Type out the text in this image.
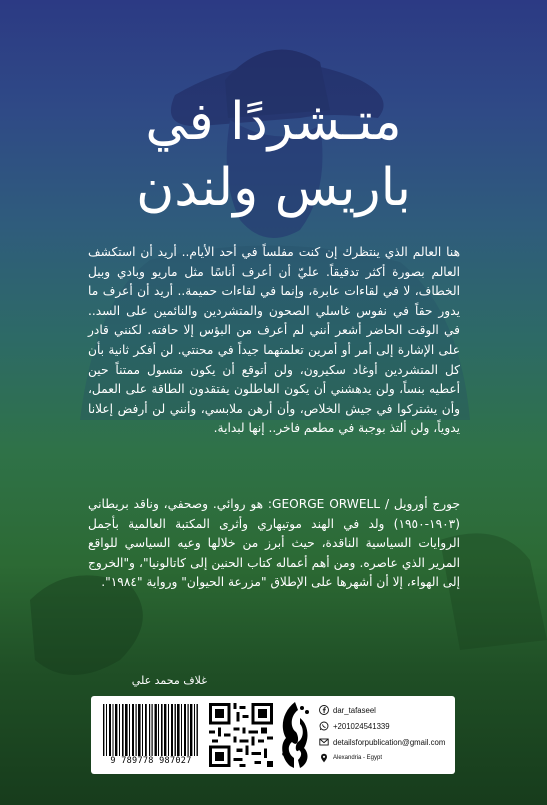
متـشردًا في
باريس ولندن
هنا العالم الذي ينتظرك إن كنت مفلساً في أحد الأيام.. أريد أن استكشف العالم بصورة أكثر تدقيقاً. عليّ أن أعرف أناسًا مثل ماريو وبادي وبيل الخطاف، لا في لقاءات عابرة، وإنما في لقاءات حميمة.. أريد أن أعرف ما يدور حقاً في نفوس غاسلي الصحون والمتشردين والنائمين على السد.. في الوقت الحاضر أشعر أنني لم أعرف من البؤس إلا حافته. لكنني قادر على الإشارة إلى أمر أو أمرين تعلمتهما جيداً في محنتي. لن أفكر ثانية بأن كل المتشردين أوغاد سكيرون، ولن أتوقع أن يكون متسول ممتناً حين أعطيه بنساً، ولن يدهشني أن يكون العاطلون يفتقدون الطاقة على العمل، وأن يشتركوا في جيش الخلاص، وأن أرهن ملابسي، وأنني لن أرفض إعلانا يدوياً، ولن ألتذ بوجبة في مطعم فاخر.. إنها لبداية.
جورج أورويل / GEORGE ORWELL: هو روائي. وصحفي، وناقد بريطاني (١٩٠٣-١٩٥٠) ولد في الهند موتيهاري وأثرى المكتبة العالمية بأجمل الروايات السياسية الناقدة، حيث أبرز من خلالها وعيه السياسي للواقع المرير الذي عاصره. ومن أهم أعماله كتاب الحنين إلى كاتالونيا"، و"الخروج إلى الهواء، إلا أن أشهرها على الإطلاق "مزرعة الحيوان" ورواية "١٩٨٤".
غلاف محمد علي
9 789778 987027
dar_tafaseel
+201024541339
detailsforpublication@gmail.com
Alexandria - Egypt
